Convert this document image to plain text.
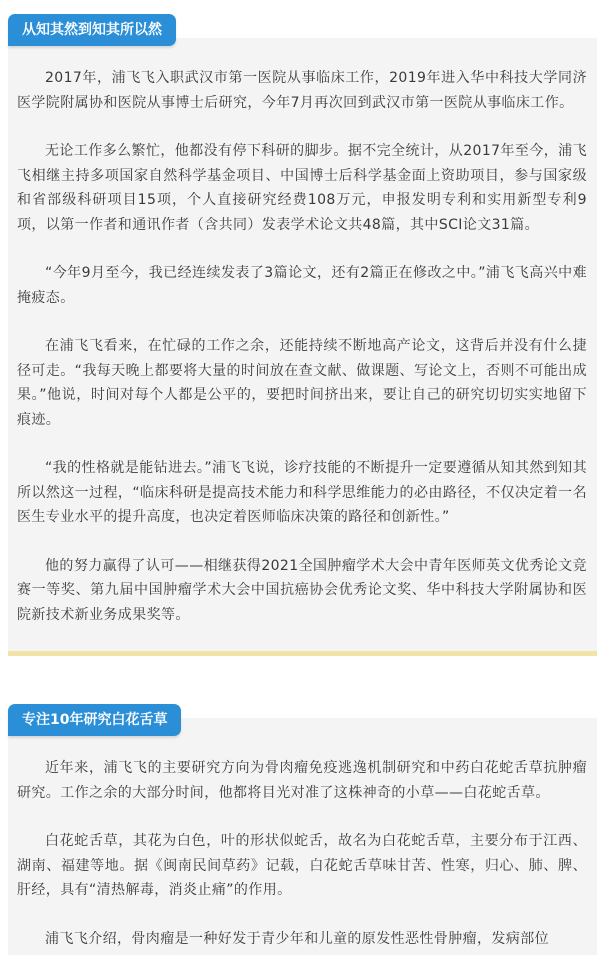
2017年，浦飞飞入职武汉市第一医院从事临床工作，2019年进入华中科技大学同济医学院附属协和医院从事博士后研究，今年7月再次回到武汉市第一医院从事临床工作。

无论工作多么繁忙，他都没有停下科研的脚步。据不完全统计，从2017年至今，浦飞飞相继主持多项国家自然科学基金项目、中国博士后科学基金面上资助项目，参与国家级和省部级科研项目15项，个人直接研究经费108万元，申报发明专利和实用新型专利9项，以第一作者和通讯作者（含共同）发表学术论文共48篇，其中SCI论文31篇。

“今年9月至今，我已经连续发表了3篇论文，还有2篇正在修改之中。”浦飞飞高兴中难掩疲态。

在浦飞飞看来，在忙碌的工作之余，还能持续不断地高产论文，这背后并没有什么捷径可走。“我每天晚上都要将大量的时间放在查文献、做课题、写论文上，否则不可能出成果。”他说，时间对每个人都是公平的，要把时间挤出来，要让自己的研究切切实实地留下痕迹。

“我的性格就是能钻进去。”浦飞飞说，诊疗技能的不断提升一定要遵循从知其然到知其所以然这一过程，“临床科研是提高技术能力和科学思维能力的必由路径，不仅决定着一名医生专业水平的提升高度，也决定着医师临床决策的路径和创新性。”

他的努力赢得了认可——相继获得2021全国肿瘤学术大会中青年医师英文优秀论文竞赛一等奖、第九届中国肿瘤学术大会中国抗癌协会优秀论文奖、华中科技大学附属协和医院新技术新业务成果奖等。

从知其然到知其所以然

近年来，浦飞飞的主要研究方向为骨肉瘤免疫逃逸机制研究和中药白花蛇舌草抗肿瘤研究。工作之余的大部分时间，他都将目光对准了这株神奇的小草——白花蛇舌草。

白花蛇舌草，其花为白色，叶的形状似蛇舌，故名为白花蛇舌草，主要分布于江西、湖南、福建等地。据《闽南民间草药》记载，白花蛇舌草味甘苦、性寒，归心、肺、脾、肝经，具有“清热解毒，消炎止痛”的作用。

浦飞飞介绍，骨肉瘤是一种好发于青少年和儿童的原发性恶性骨肿瘤，发病部位

专注10年研究白花舌草
